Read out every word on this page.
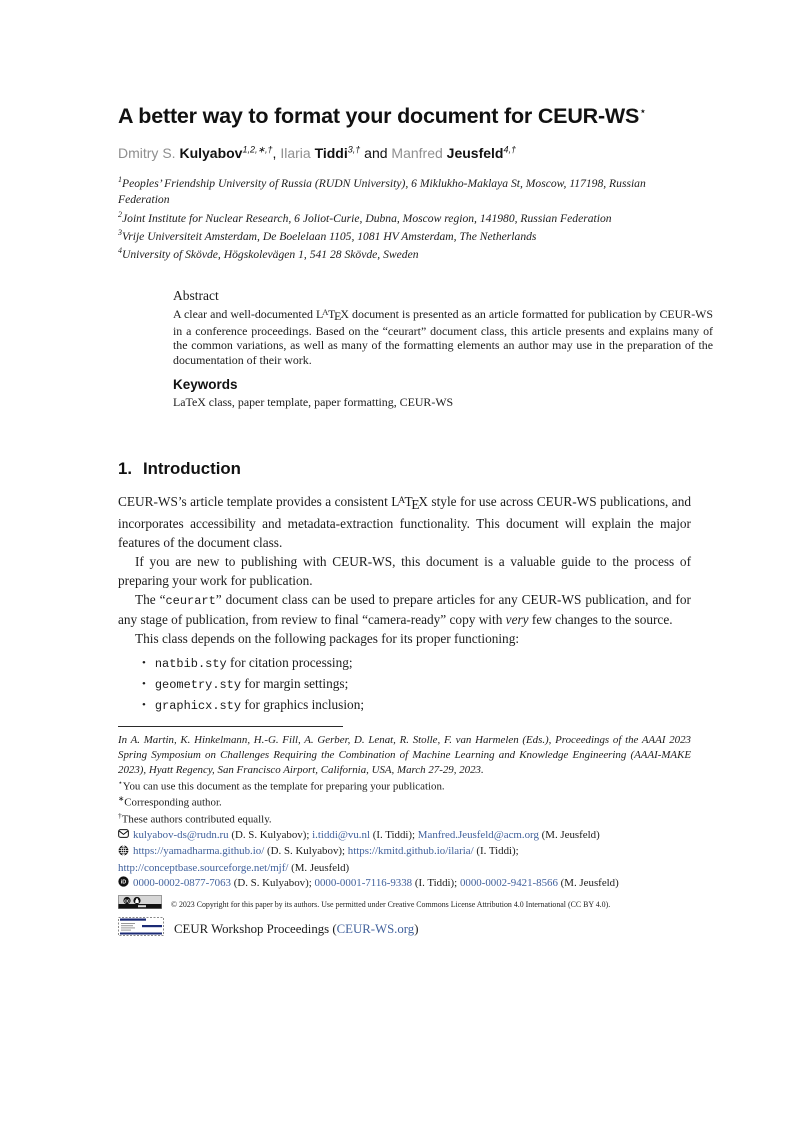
A better way to format your document for CEUR-WS⋆
Dmitry S. Kulyabov$^{1,2,∗,\dagger}$, Ilaria Tiddi$^{3,\dagger}$ and Manfred Jeusfeld$^{4,\dagger}$

$^1$Peoples’ Friendship University of Russia (RUDN University), 6 Miklukho-Maklaya St, Moscow, 117198, Russian Federation

$^2$Joint Institute for Nuclear Research, 6 Joliot-Curie, Dubna, Moscow region, 141980, Russian Federation

$^3$Vrije Universiteit Amsterdam, De Boelelaan 1105, 1081 HV Amsterdam, The Netherlands

$^4$University of Skövde, Högskolevägen 1, 541 28 Skövde, Sweden

Abstract

A clear and well-documented LATEX document is presented as an article formatted for publication by CEUR-WS in a conference proceedings. Based on the “ceurart” document class, this article presents and explains many of the common variations, as well as many of the formatting elements an author may use in the preparation of the documentation of their work.

Keywords

LaTeX class, paper template, paper formatting, CEUR-WS

1. Introduction

CEUR-WS’s article template provides a consistent LATEX style for use across CEUR-WS publications, and incorporates accessibility and metadata-extraction functionality. This document will explain the major features of the document class.

If you are new to publishing with CEUR-WS, this document is a valuable guide to the process of preparing your work for publication.

The “ceurart” document class can be used to prepare articles for any CEUR-WS publication, and for any stage of publication, from review to final “camera-ready” copy with very few changes to the source.

This class depends on the following packages for its proper functioning:

• natbib.sty for citation processing;
• geometry.sty for margin settings;
• graphicx.sty for graphics inclusion;

In A. Martin, K. Hinkelmann, H.-G. Fill, A. Gerber, D. Lenat, R. Stolle, F. van Harmelen (Eds.), Proceedings of the AAAI 2023 Spring Symposium on Challenges Requiring the Combination of Machine Learning and Knowledge Engineering (AAAI-MAKE 2023), Hyatt Regency, San Francisco Airport, California, USA, March 27-29, 2023.

⋆You can use this document as the template for preparing your publication.

∗Corresponding author.

†These authors contributed equally.

kulyabov-ds@rudn.ru (D. S. Kulyabov); i.tiddi@vu.nl (I. Tiddi); Manfred.Jeusfeld@acm.org (M. Jeusfeld)

https://yamadharma.github.io/ (D. S. Kulyabov); https://kmitd.github.io/ilaria/ (I. Tiddi); http://conceptbase.sourceforge.net/mjf/ (M. Jeusfeld)

iD 0000-0002-0877-7063 (D. S. Kulyabov); 0000-0001-7116-9338 (I. Tiddi); 0000-0002-9421-8566 (M. Jeusfeld)

cc	© 2023 Copyright for this paper by its authors. Use permitted under Creative Commons License Attribution 4.0 International (CC BY 4.0).
CEUR Workshop Proceedings (CEUR-WS.org)
